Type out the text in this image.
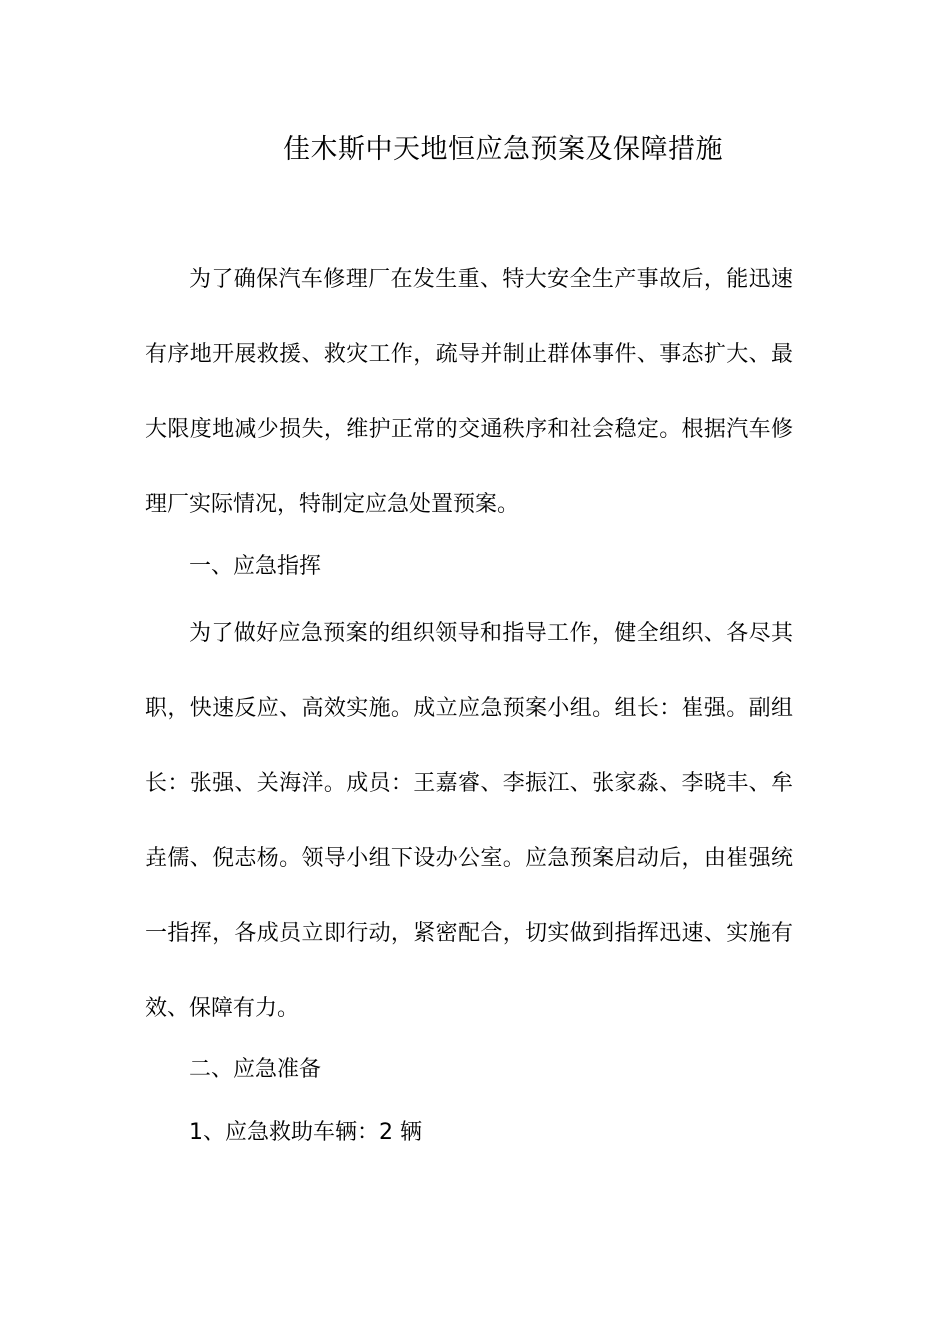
佳木斯中天地恒应急预案及保障措施

为了确保汽车修理厂在发生重、特大安全生产事故后，能迅速有序地开展救援、救灾工作，疏导并制止群体事件、事态扩大、最大限度地减少损失，维护正常的交通秩序和社会稳定。根据汽车修理厂实际情况，特制定应急处置预案。

一、应急指挥

为了做好应急预案的组织领导和指导工作，健全组织、各尽其职，快速反应、高效实施。成立应急预案小组。组长：崔强。副组长：张强、关海洋。成员：王嘉睿、李振江、张家淼、李晓丰、牟垚儒、倪志杨。领导小组下设办公室。应急预案启动后，由崔强统一指挥，各成员立即行动，紧密配合，切实做到指挥迅速、实施有效、保障有力。

二、应急准备

1、应急救助车辆：2 辆
